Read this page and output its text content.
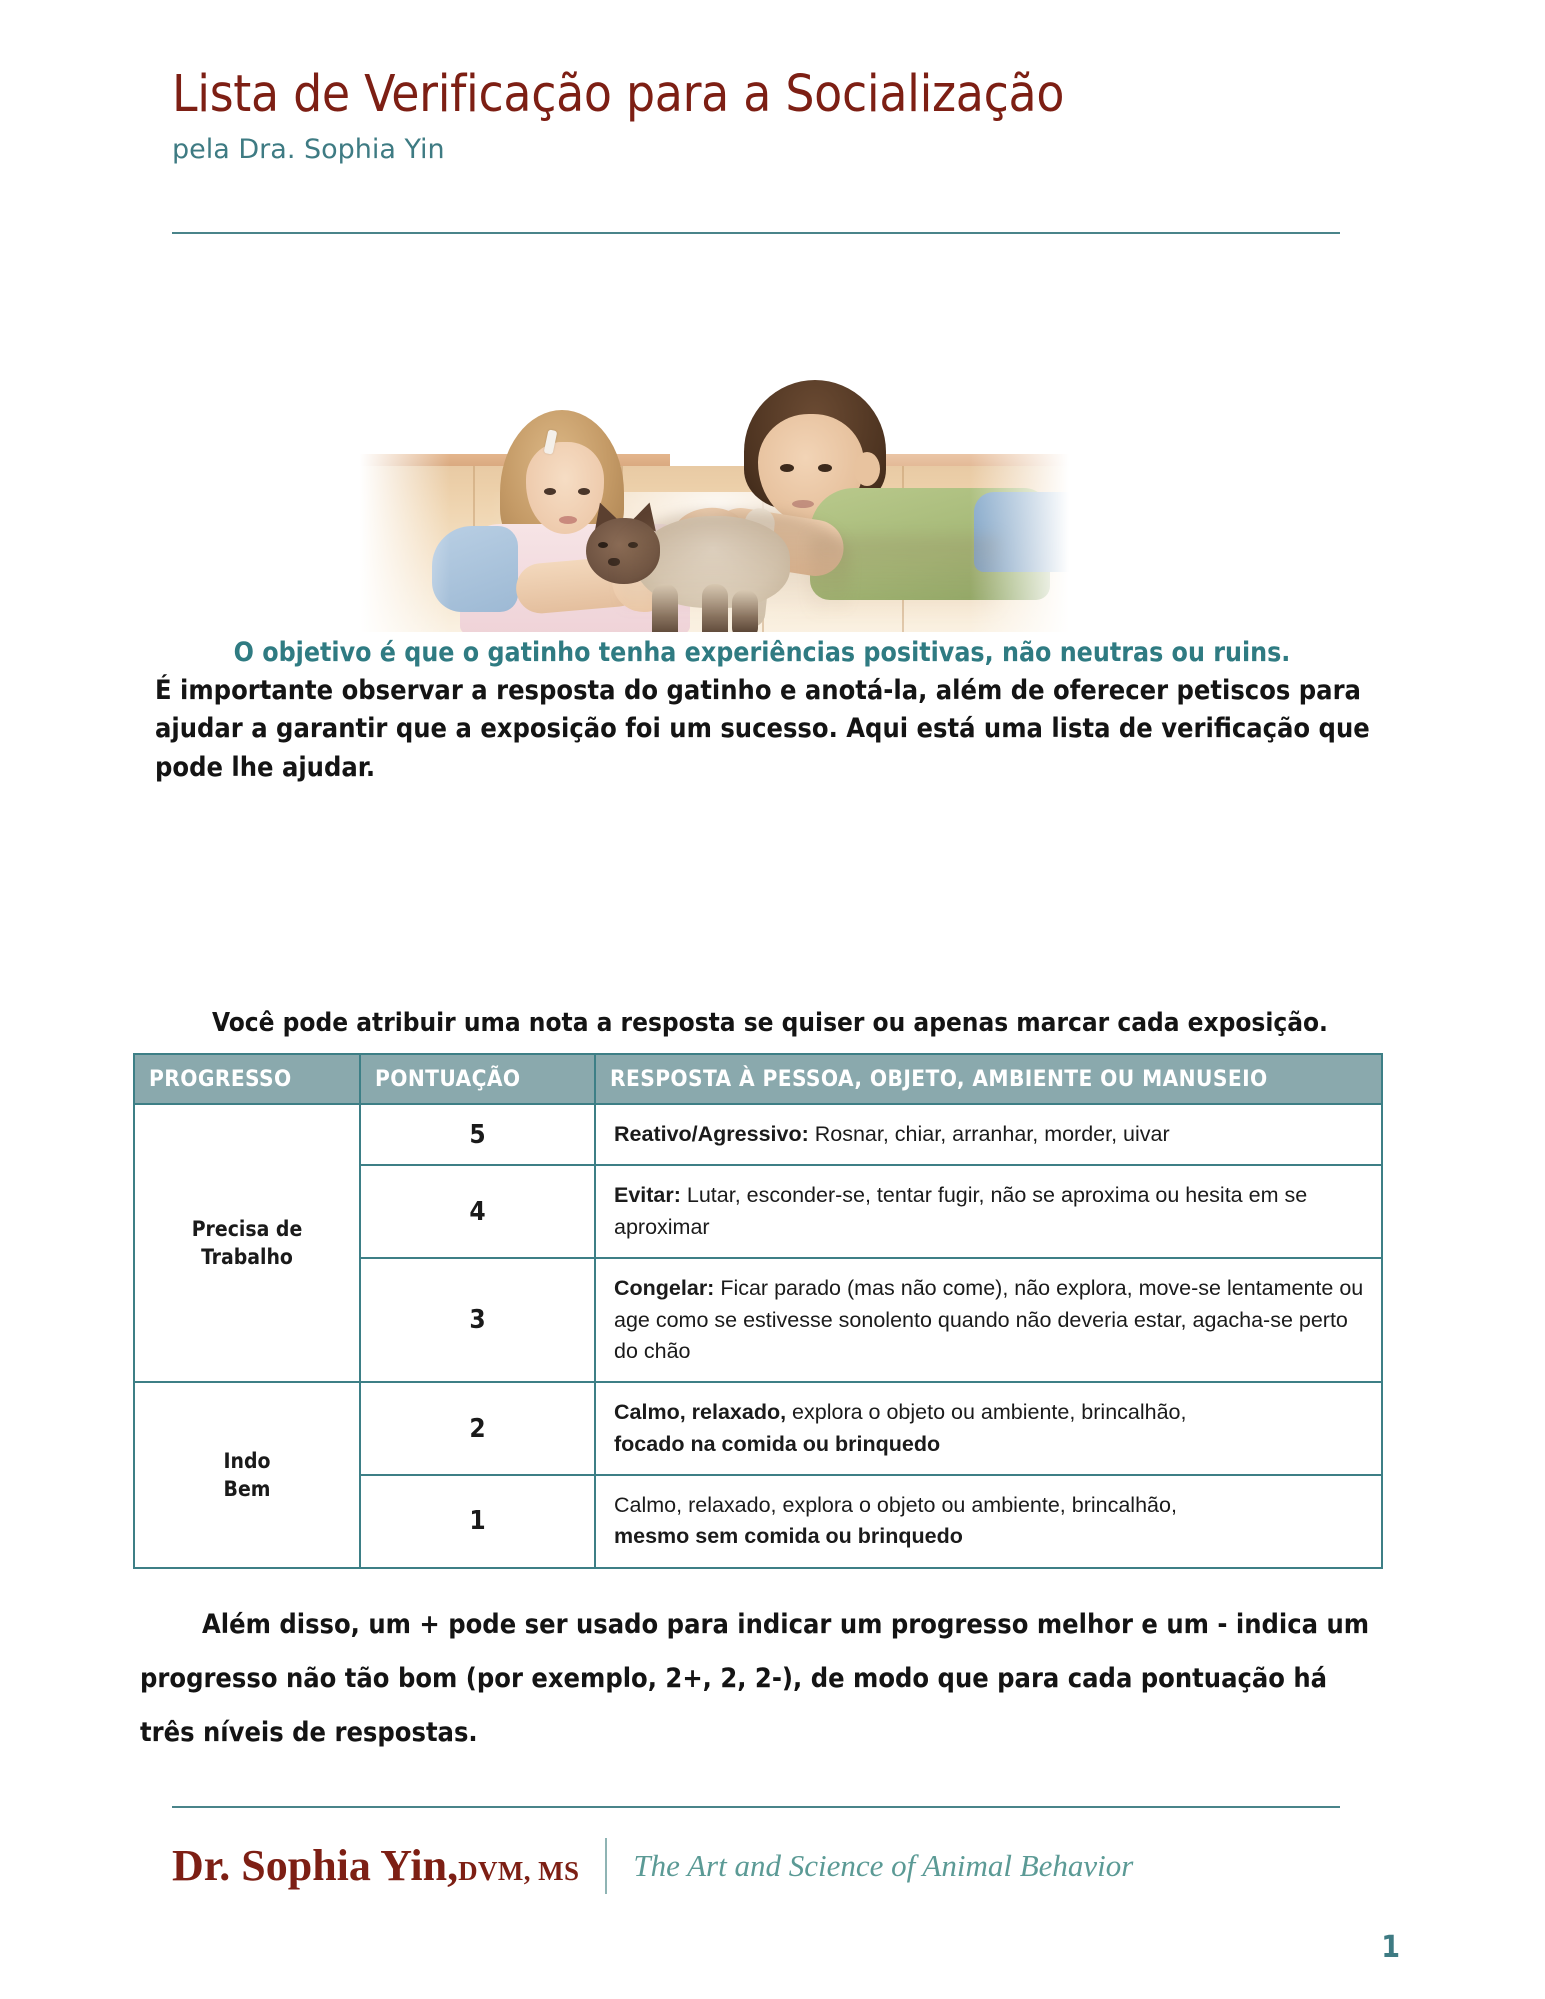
Lista de Verificação para a Socialização
pela Dra. Sophia Yin
O objetivo é que o gatinho tenha experiências positivas, não neutras ou ruins.
É importante observar a resposta do gatinho e anotá-la, além de oferecer petiscos para ajudar a garantir que a exposição foi um sucesso. Aqui está uma lista de verificação que pode lhe ajudar.
Você pode atribuir uma nota a resposta se quiser ou apenas marcar cada exposição.
PROGRESSO	PONTUAÇÃO	RESPOSTA À PESSOA, OBJETO, AMBIENTE OU MANUSEIO
Precisa de
Trabalho	5	Reativo/Agressivo: Rosnar, chiar, arranhar, morder, uivar
	4	Evitar: Lutar, esconder-se, tentar fugir, não se aproxima ou hesita em se aproximar
	3	Congelar: Ficar parado (mas não come), não explora, move-se lentamente ou age como se estivesse sonolento quando não deveria estar, agacha-se perto do chão
Indo
Bem	2	Calmo, relaxado, explora o objeto ou ambiente, brincalhão,
focado na comida ou brinquedo
	1	Calmo, relaxado, explora o objeto ou ambiente, brincalhão,
mesmo sem comida ou brinquedo
Além disso, um + pode ser usado para indicar um progresso melhor e um - indica um progresso não tão bom (por exemplo, 2+, 2, 2-), de modo que para cada pontuação há três níveis de respostas.
Dr. Sophia Yin,DVM, MS The Art and Science of Animal Behavior
1
